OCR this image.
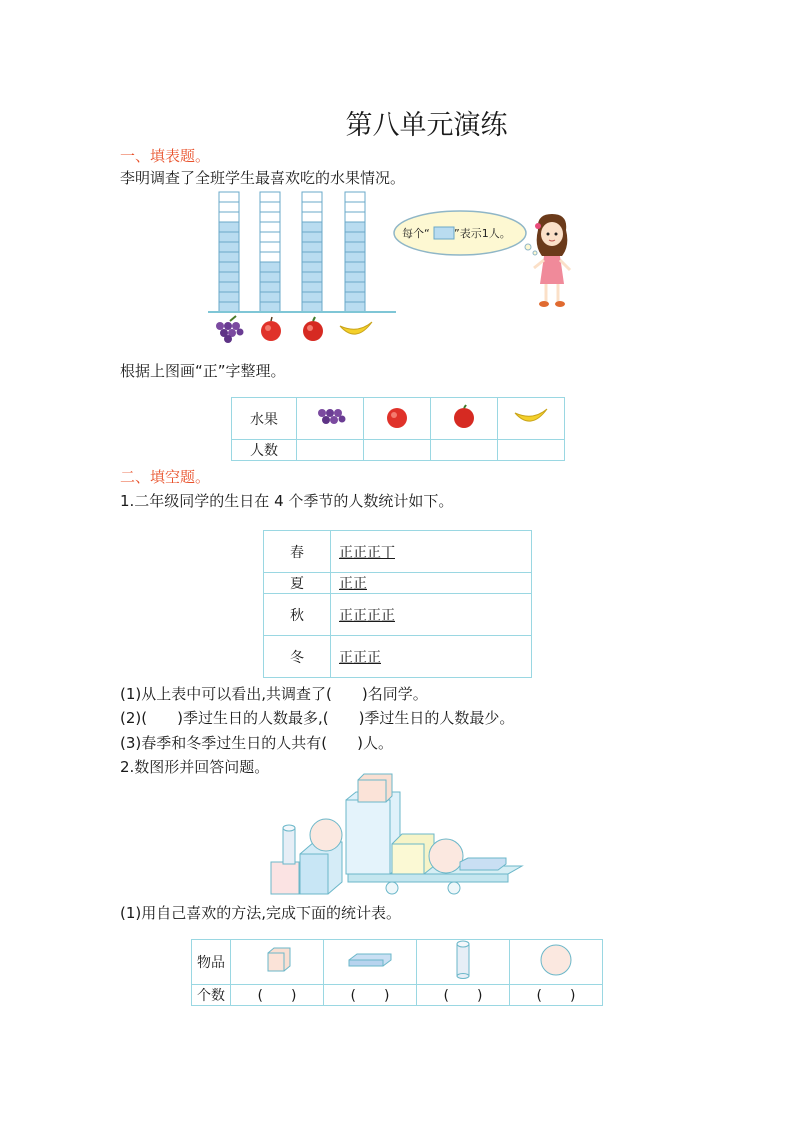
第八单元演练
一、填表题。
李明调查了全班学生最喜欢吃的水果情况。
每个“ ”表示1人。
根据上图画“正”字整理。
水果				
人数				
二、填空题。
1.二年级同学的生日在 4 个季节的人数统计如下。
春	正正正丅
夏	正正
秋	正正正正
冬	正正正
(1)从上表中可以看出,共调查了(　　)名同学。
(2)(　　)季过生日的人数最多,(　　)季过生日的人数最少。
(3)春季和冬季过生日的人共有(　　)人。
2.数图形并回答问题。
(1)用自己喜欢的方法,完成下面的统计表。
物品				
个数	(　　)	(　　)	(　　)	(　　)
